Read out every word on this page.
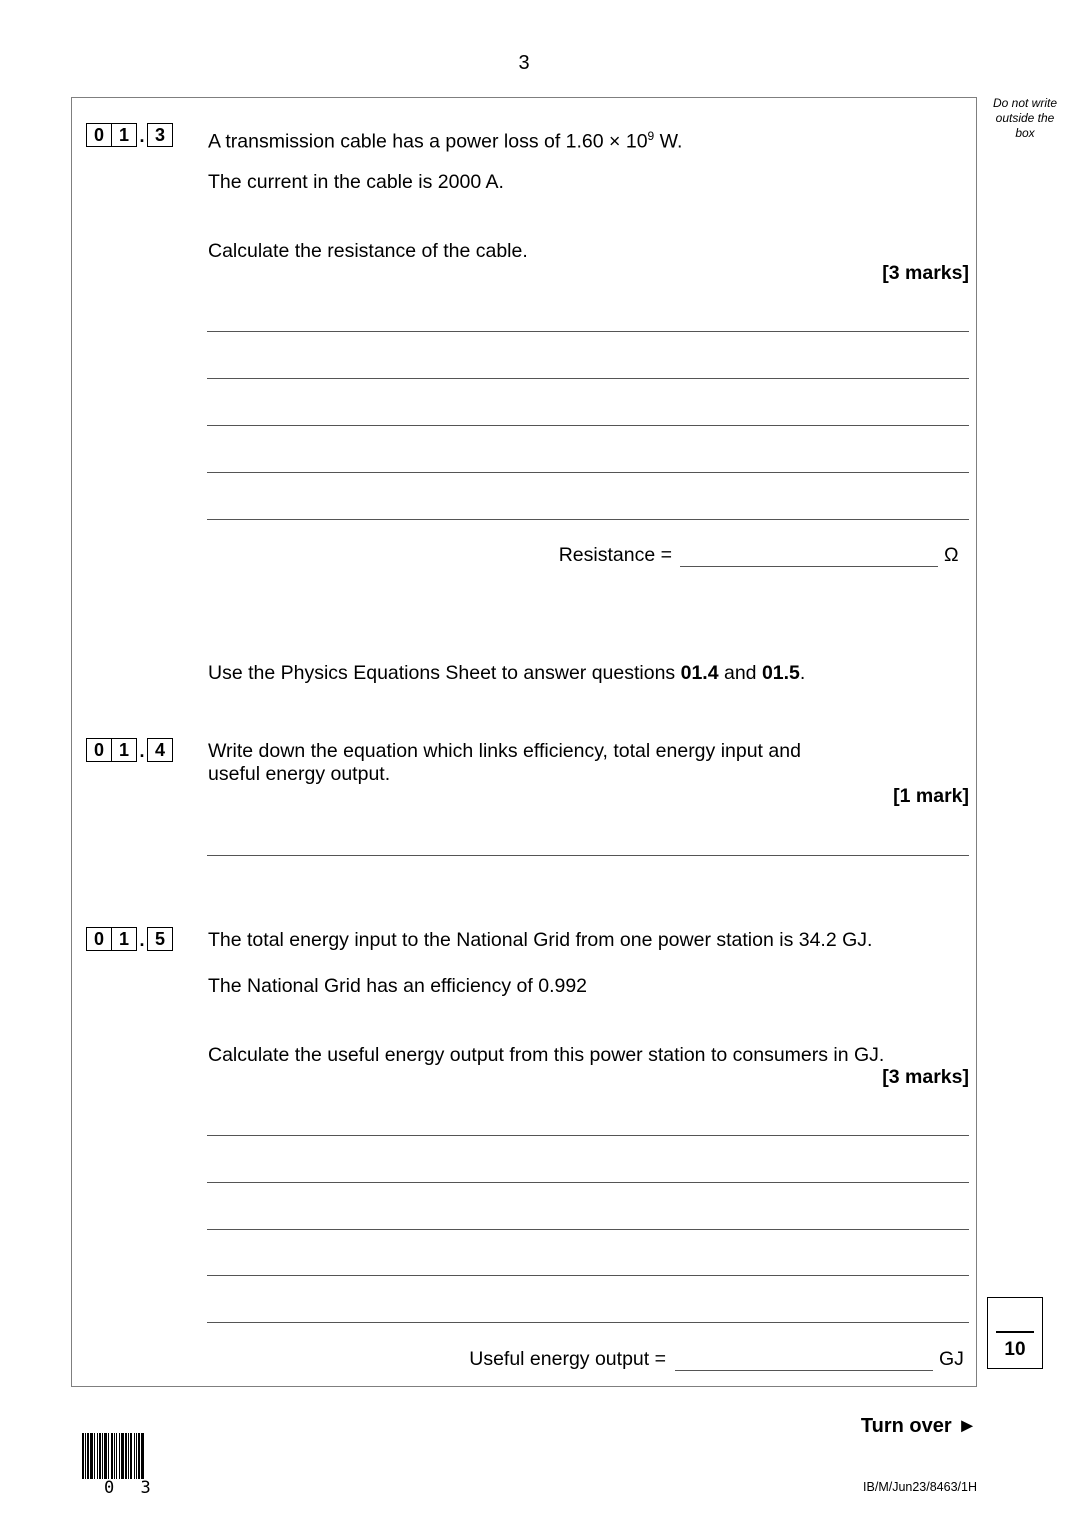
3
Do not write outside the box
0 1 . 3	A transmission cable has a power loss of $1.60 \times 10^9$ W.
The current in the cable is 2000 A.
Calculate the resistance of the cable.
[3 marks]
Resistance =	Ω
Use the Physics Equations Sheet to answer questions 01.4 and 01.5.
0 1 . 4	Write down the equation which links efficiency, total energy input and
useful energy output.
[1 mark]
0 1 . 5	The total energy input to the National Grid from one power station is 34.2 GJ.
The National Grid has an efficiency of 0.992
Calculate the useful energy output from this power station to consumers in GJ.
[3 marks]
Useful energy output =	GJ	10
0 3
Turn over ►
IB/M/Jun23/8463/1H
